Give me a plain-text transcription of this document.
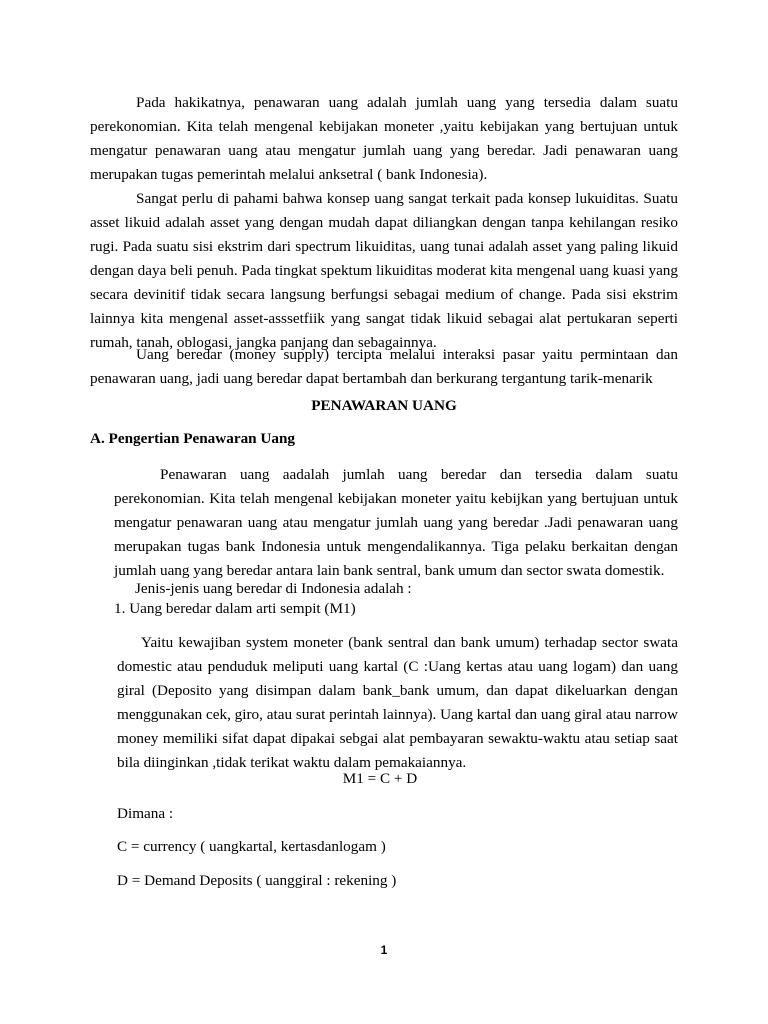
Pada hakikatnya, penawaran uang adalah jumlah uang yang tersedia dalam suatu perekonomian. Kita telah mengenal kebijakan moneter ,yaitu kebijakan yang bertujuan untuk mengatur penawaran uang atau mengatur jumlah uang yang beredar. Jadi penawaran uang merupakan tugas pemerintah melalui anksetral ( bank Indonesia).

Sangat perlu di pahami bahwa konsep uang sangat terkait pada konsep lukuiditas. Suatu asset likuid adalah asset yang dengan mudah dapat diliangkan dengan tanpa kehilangan resiko rugi. Pada suatu sisi ekstrim dari spectrum likuiditas, uang tunai adalah asset yang paling likuid dengan daya beli penuh. Pada tingkat spektum likuiditas moderat kita mengenal uang kuasi yang secara devinitif tidak secara langsung berfungsi sebagai medium of change. Pada sisi ekstrim lainnya kita mengenal asset-asssetfiik yang sangat tidak likuid sebagai alat pertukaran seperti rumah, tanah, oblogasi, jangka panjang dan sebagainnya.

Uang beredar (money supply) tercipta melalui interaksi pasar yaitu permintaan dan penawaran uang, jadi uang beredar dapat bertambah dan berkurang tergantung tarik-menarik

PENAWARAN UANG

A. Pengertian Penawaran Uang

Penawaran uang aadalah jumlah uang beredar dan tersedia dalam suatu perekonomian. Kita telah mengenal kebijakan moneter yaitu kebijkan yang bertujuan untuk mengatur penawaran uang atau mengatur jumlah uang yang beredar .Jadi penawaran uang merupakan tugas bank Indonesia untuk mengendalikannya. Tiga pelaku berkaitan dengan jumlah uang yang beredar antara lain bank sentral, bank umum dan sector swata domestik.

Jenis-jenis uang beredar di Indonesia adalah :

1. Uang beredar dalam arti sempit (M1)

Yaitu kewajiban system moneter (bank sentral dan bank umum) terhadap sector swata domestic atau penduduk meliputi uang kartal (C :Uang kertas atau uang logam) dan uang giral (Deposito yang disimpan dalam bank_bank umum, dan dapat dikeluarkan dengan menggunakan cek, giro, atau surat perintah lainnya). Uang kartal dan uang giral atau narrow money memiliki sifat dapat dipakai sebgai alat pembayaran sewaktu-waktu atau setiap saat bila diinginkan ,tidak terikat waktu dalam pemakaiannya.

M1 = C + D

Dimana :

C = currency ( uangkartal, kertasdanlogam )

D = Demand Deposits ( uanggiral : rekening )

1
